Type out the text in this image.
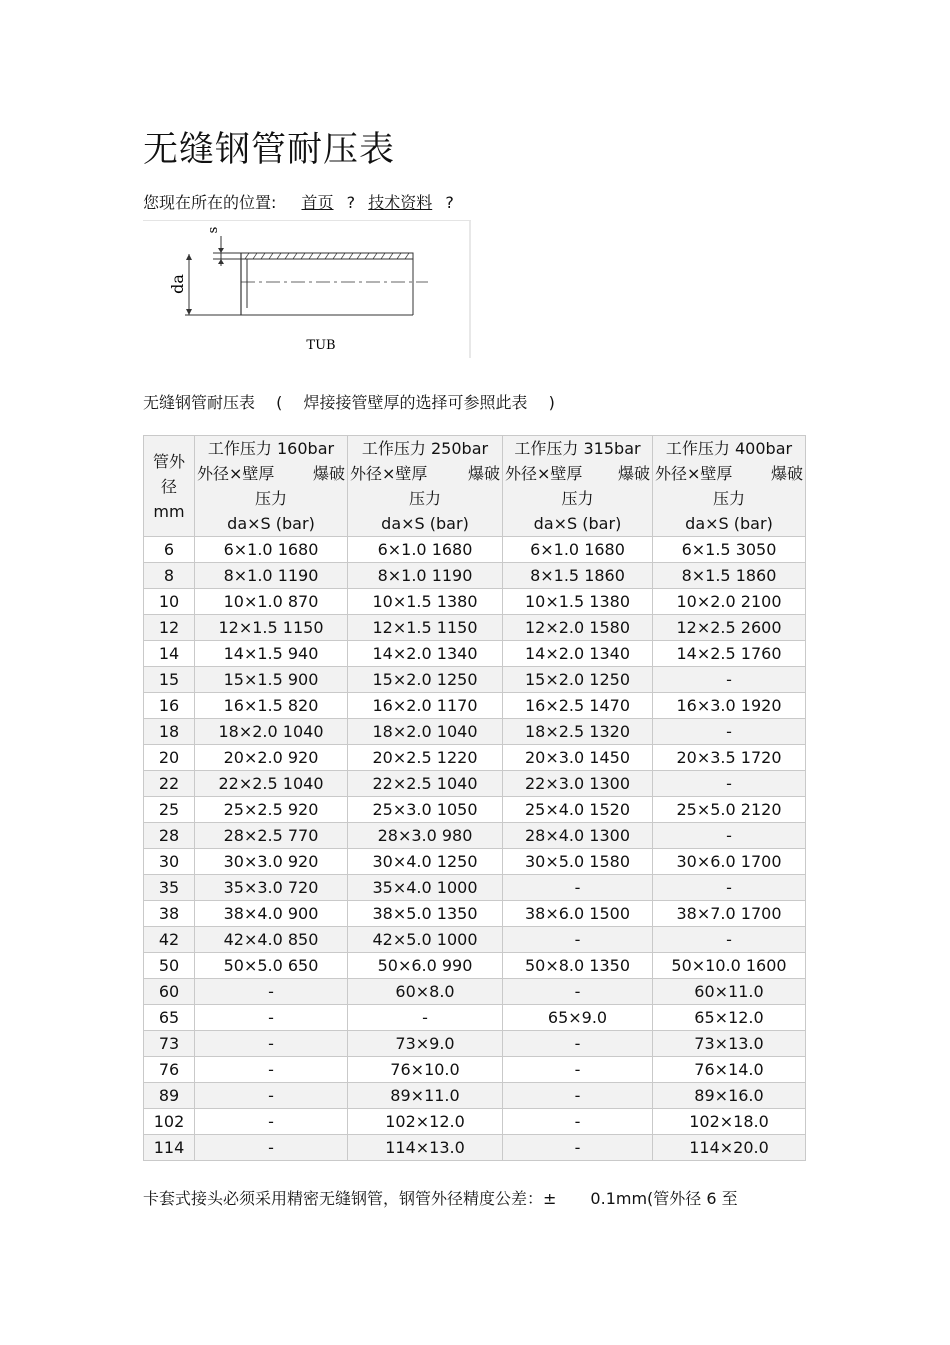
无缝钢管耐压表
您现在所在的位置: 首页 ? 技术资料 ?
s
da
TUB
无缝钢管耐压表 ( 焊接接管壁厚的选择可参照此表 )
管外
径
mm	工作压力 160bar
外径×壁厚 爆破
压力
da×S (bar)	工作压力 250bar
外径×壁厚 爆破
压力
da×S (bar)	工作压力 315bar
外径×壁厚 爆破
压力
da×S (bar)	工作压力 400bar
外径×壁厚 爆破
压力
da×S (bar)

6	6×1.0 1680	6×1.0 1680	6×1.0 1680	6×1.5 3050
8	8×1.0 1190	8×1.0 1190	8×1.5 1860	8×1.5 1860
10	10×1.0 870	10×1.5 1380	10×1.5 1380	10×2.0 2100
12	12×1.5 1150	12×1.5 1150	12×2.0 1580	12×2.5 2600
14	14×1.5 940	14×2.0 1340	14×2.0 1340	14×2.5 1760
15	15×1.5 900	15×2.0 1250	15×2.0 1250	-
16	16×1.5 820	16×2.0 1170	16×2.5 1470	16×3.0 1920
18	18×2.0 1040	18×2.0 1040	18×2.5 1320	-
20	20×2.0 920	20×2.5 1220	20×3.0 1450	20×3.5 1720
22	22×2.5 1040	22×2.5 1040	22×3.0 1300	-
25	25×2.5 920	25×3.0 1050	25×4.0 1520	25×5.0 2120
28	28×2.5 770	28×3.0 980	28×4.0 1300	-
30	30×3.0 920	30×4.0 1250	30×5.0 1580	30×6.0 1700
35	35×3.0 720	35×4.0 1000	-	-
38	38×4.0 900	38×5.0 1350	38×6.0 1500	38×7.0 1700
42	42×4.0 850	42×5.0 1000	-	-
50	50×5.0 650	50×6.0 990	50×8.0 1350	50×10.0 1600
60	-	60×8.0	-	60×11.0
65	-	-	65×9.0	65×12.0
73	-	73×9.0	-	73×13.0
76	-	76×10.0	-	76×14.0
89	-	89×11.0	-	89×16.0
102	-	102×12.0	-	102×18.0
114	-	114×13.0	-	114×20.0
卡套式接头必须采用精密无缝钢管，钢管外径精度公差：± 0.1mm(管外径 6 至
